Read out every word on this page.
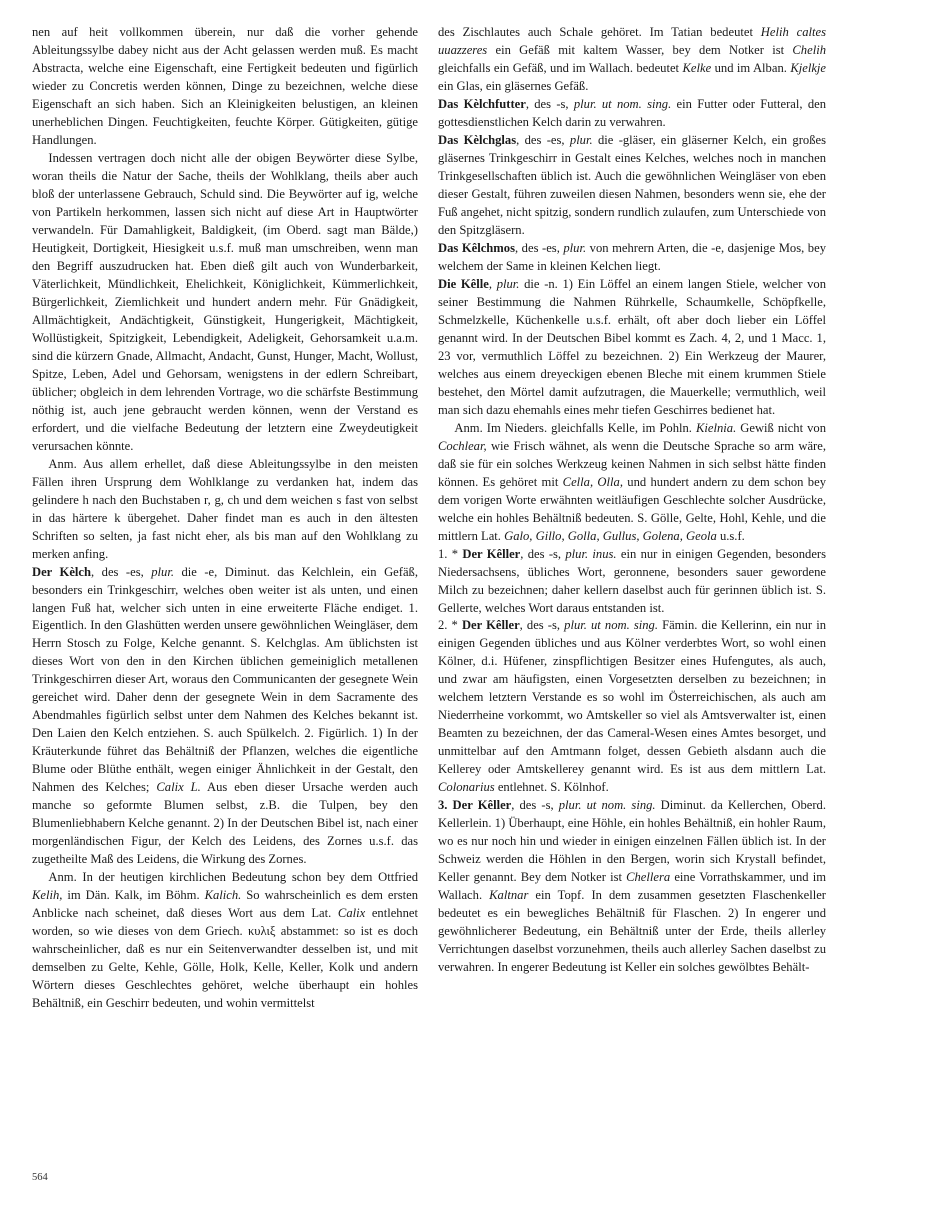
nen auf heit vollkommen überein, nur daß die vorher gehende Ableitungssylbe dabey nicht aus der Acht gelassen werden muß. Es macht Abstracta, welche eine Eigenschaft, eine Fertigkeit bedeuten und figürlich wieder zu Concretis werden können, Dinge zu bezeichnen, welche diese Eigenschaft an sich haben. Sich an Kleinigkeiten belustigen, an kleinen unerheblichen Dingen. Feuchtigkeiten, feuchte Körper. Gütigkeiten, gütige Handlungen.

Indessen vertragen doch nicht alle der obigen Beywörter diese Sylbe, woran theils die Natur der Sache, theils der Wohlklang, theils aber auch bloß der unterlassene Gebrauch, Schuld sind. Die Beywörter auf ig, welche von Partikeln herkommen, lassen sich nicht auf diese Art in Hauptwörter verwandeln. Für Damahligkeit, Baldigkeit, (im Oberd. sagt man Bälde,) Heutigkeit, Dortigkeit, Hiesigkeit u.s.f. muß man umschreiben, wenn man den Begriff auszudrucken hat. Eben dieß gilt auch von Wunderbarkeit, Väterlichkeit, Mündlichkeit, Ehelichkeit, Königlichkeit, Kümmerlichkeit, Bürgerlichkeit, Ziemlichkeit und hundert andern mehr. Für Gnädigkeit, Allmächtigkeit, Andächtigkeit, Günstigkeit, Hungerigkeit, Mächtigkeit, Wollüstigkeit, Spitzigkeit, Lebendigkeit, Adeligkeit, Gehorsamkeit u.a.m. sind die kürzern Gnade, Allmacht, Andacht, Gunst, Hunger, Macht, Wollust, Spitze, Leben, Adel und Gehorsam, wenigstens in der edlern Schreibart, üblicher; obgleich in dem lehrenden Vortrage, wo die schärfste Bestimmung nöthig ist, auch jene gebraucht werden können, wenn der Verstand es erfordert, und die vielfache Bedeutung der letztern eine Zweydeutigkeit verursachen könnte.

Anm. Aus allem erhellet, daß diese Ableitungssylbe in den meisten Fällen ihren Ursprung dem Wohlklange zu verdanken hat, indem das gelindere h nach den Buchstaben r, g, ch und dem weichen s fast von selbst in das härtere k übergehet. Daher findet man es auch in den ältesten Schriften so selten, ja fast nicht eher, als bis man auf den Wohlklang zu merken anfing.

Der Kèlch, des -es, plur. die -e, Diminut. das Kelchlein, ein Gefäß, besonders ein Trinkgeschirr, welches oben weiter ist als unten, und einen langen Fuß hat, welcher sich unten in eine erweiterte Fläche endiget. 1. Eigentlich. In den Glashütten werden unsere gewöhnlichen Weingläser, dem Herrn Stosch zu Folge, Kelche genannt. S. Kelchglas. Am üblichsten ist dieses Wort von den in den Kirchen üblichen gemeiniglich metallenen Trinkgeschirren dieser Art, woraus den Communicanten der gesegnete Wein gereichet wird. Daher denn der gesegnete Wein in dem Sacramente des Abendmahles figürlich selbst unter dem Nahmen des Kelches bekannt ist. Den Laien den Kelch entziehen. S. auch Spülkelch. 2. Figürlich. 1) In der Kräuterkunde führet das Behältniß der Pflanzen, welches die eigentliche Blume oder Blüthe enthält, wegen einiger Ähnlichkeit in der Gestalt, den Nahmen des Kelches; Calix L. Aus eben dieser Ursache werden auch manche so geformte Blumen selbst, z.B. die Tulpen, bey den Blumenliebhabern Kelche genannt. 2) In der Deutschen Bibel ist, nach einer morgenländischen Figur, der Kelch des Leidens, des Zornes u.s.f. das zugetheilte Maß des Leidens, die Wirkung des Zornes.

Anm. In der heutigen kirchlichen Bedeutung schon bey dem Ottfried Kelih, im Dän. Kalk, im Böhm. Kalich. So wahrscheinlich es dem ersten Anblicke nach scheinet, daß dieses Wort aus dem Lat. Calix entlehnet worden, so wie dieses von dem Griech. κυλιξ abstammet: so ist es doch wahrscheinlicher, daß es nur ein Seitenverwandter desselben ist, und mit demselben zu Gelte, Kehle, Gölle, Holk, Kelle, Keller, Kolk und andern Wörtern dieses Geschlechtes gehöret, welche überhaupt ein hohles Behältniß, ein Geschirr bedeuten, und wohin vermittelst

des Zischlautes auch Schale gehöret. Im Tatian bedeutet Helih caltes uuazzeres ein Gefäß mit kaltem Wasser, bey dem Notker ist Chelih gleichfalls ein Gefäß, und im Wallach. bedeutet Kelke und im Alban. Kjelkje ein Glas, ein gläsernes Gefäß.

Das Kèlchfutter, des -s, plur. ut nom. sing. ein Futter oder Futteral, den gottesdienstlichen Kelch darin zu verwahren.

Das Kèlchglas, des -es, plur. die -gläser, ein gläserner Kelch, ein großes gläsernes Trinkgeschirr in Gestalt eines Kelches, welches noch in manchen Trinkgesellschaften üblich ist. Auch die gewöhnlichen Weingläser von eben dieser Gestalt, führen zuweilen diesen Nahmen, besonders wenn sie, ehe der Fuß angehet, nicht spitzig, sondern rundlich zulaufen, zum Unterschiede von den Spitzgläsern.

Das Kêlchmos, des -es, plur. von mehrern Arten, die -e, dasjenige Mos, bey welchem der Same in kleinen Kelchen liegt.

Die Kêlle, plur. die -n. 1) Ein Löffel an einem langen Stiele, welcher von seiner Bestimmung die Nahmen Rührkelle, Schaumkelle, Schöpfkelle, Schmelzkelle, Küchenkelle u.s.f. erhält, oft aber doch lieber ein Löffel genannt wird. In der Deutschen Bibel kommt es Zach. 4, 2, und 1 Macc. 1, 23 vor, vermuthlich Löffel zu bezeichnen. 2) Ein Werkzeug der Maurer, welches aus einem dreyeckigen ebenen Bleche mit einem krummen Stiele bestehet, den Mörtel damit aufzutragen, die Mauerkelle; vermuthlich, weil man sich dazu ehemahls eines mehr tiefen Geschirres bedienet hat.

Anm. Im Nieders. gleichfalls Kelle, im Pohln. Kielnia. Gewiß nicht von Cochlear, wie Frisch wähnet, als wenn die Deutsche Sprache so arm wäre, daß sie für ein solches Werkzeug keinen Nahmen in sich selbst hätte finden können. Es gehöret mit Cella, Olla, und hundert andern zu dem schon bey dem vorigen Worte erwähnten weitläufigen Geschlechte solcher Ausdrücke, welche ein hohles Behältniß bedeuten. S. Gölle, Gelte, Hohl, Kehle, und die mittlern Lat. Galo, Gillo, Golla, Gullus, Golena, Geola u.s.f.

1. * Der Kêller, des -s, plur. inus. ein nur in einigen Gegenden, besonders Niedersachsens, übliches Wort, geronnene, besonders sauer gewordene Milch zu bezeichnen; daher kellern daselbst auch für gerinnen üblich ist. S. Gellerte, welches Wort daraus entstanden ist.

2. * Der Kêller, des -s, plur. ut nom. sing. Fämin. die Kellerinn, ein nur in einigen Gegenden übliches und aus Kölner verderbtes Wort, so wohl einen Kölner, d.i. Hüfener, zinspflichtigen Besitzer eines Hufengutes, als auch, und zwar am häufigsten, einen Vorgesetzten derselben zu bezeichnen; in welchem letztern Verstande es so wohl im Österreichischen, als auch am Niederrheine vorkommt, wo Amtskeller so viel als Amtsverwalter ist, einen Beamten zu bezeichnen, der das Cameral-Wesen eines Amtes besorget, und unmittelbar auf den Amtmann folget, dessen Gebieth alsdann auch die Kellerey oder Amtskellerey genannt wird. Es ist aus dem mittlern Lat. Colonarius entlehnet. S. Kölnhof.

3. Der Kêller, des -s, plur. ut nom. sing. Diminut. da Kellerchen, Oberd. Kellerlein. 1) Überhaupt, eine Höhle, ein hohles Behältniß, ein hohler Raum, wo es nur noch hin und wieder in einigen einzelnen Fällen üblich ist. In der Schweiz werden die Höhlen in den Bergen, worin sich Krystall befindet, Keller genannt. Bey dem Notker ist Chellera eine Vorrathskammer, und im Wallach. Kaltnar ein Topf. In dem zusammen gesetzten Flaschenkeller bedeutet es ein bewegliches Behältniß für Flaschen. 2) In engerer und gewöhnlicherer Bedeutung, ein Behältniß unter der Erde, theils allerley Verrichtungen daselbst vorzunehmen, theils auch allerley Sachen daselbst zu verwahren. In engerer Bedeutung ist Keller ein solches gewölbtes Behält-

564
